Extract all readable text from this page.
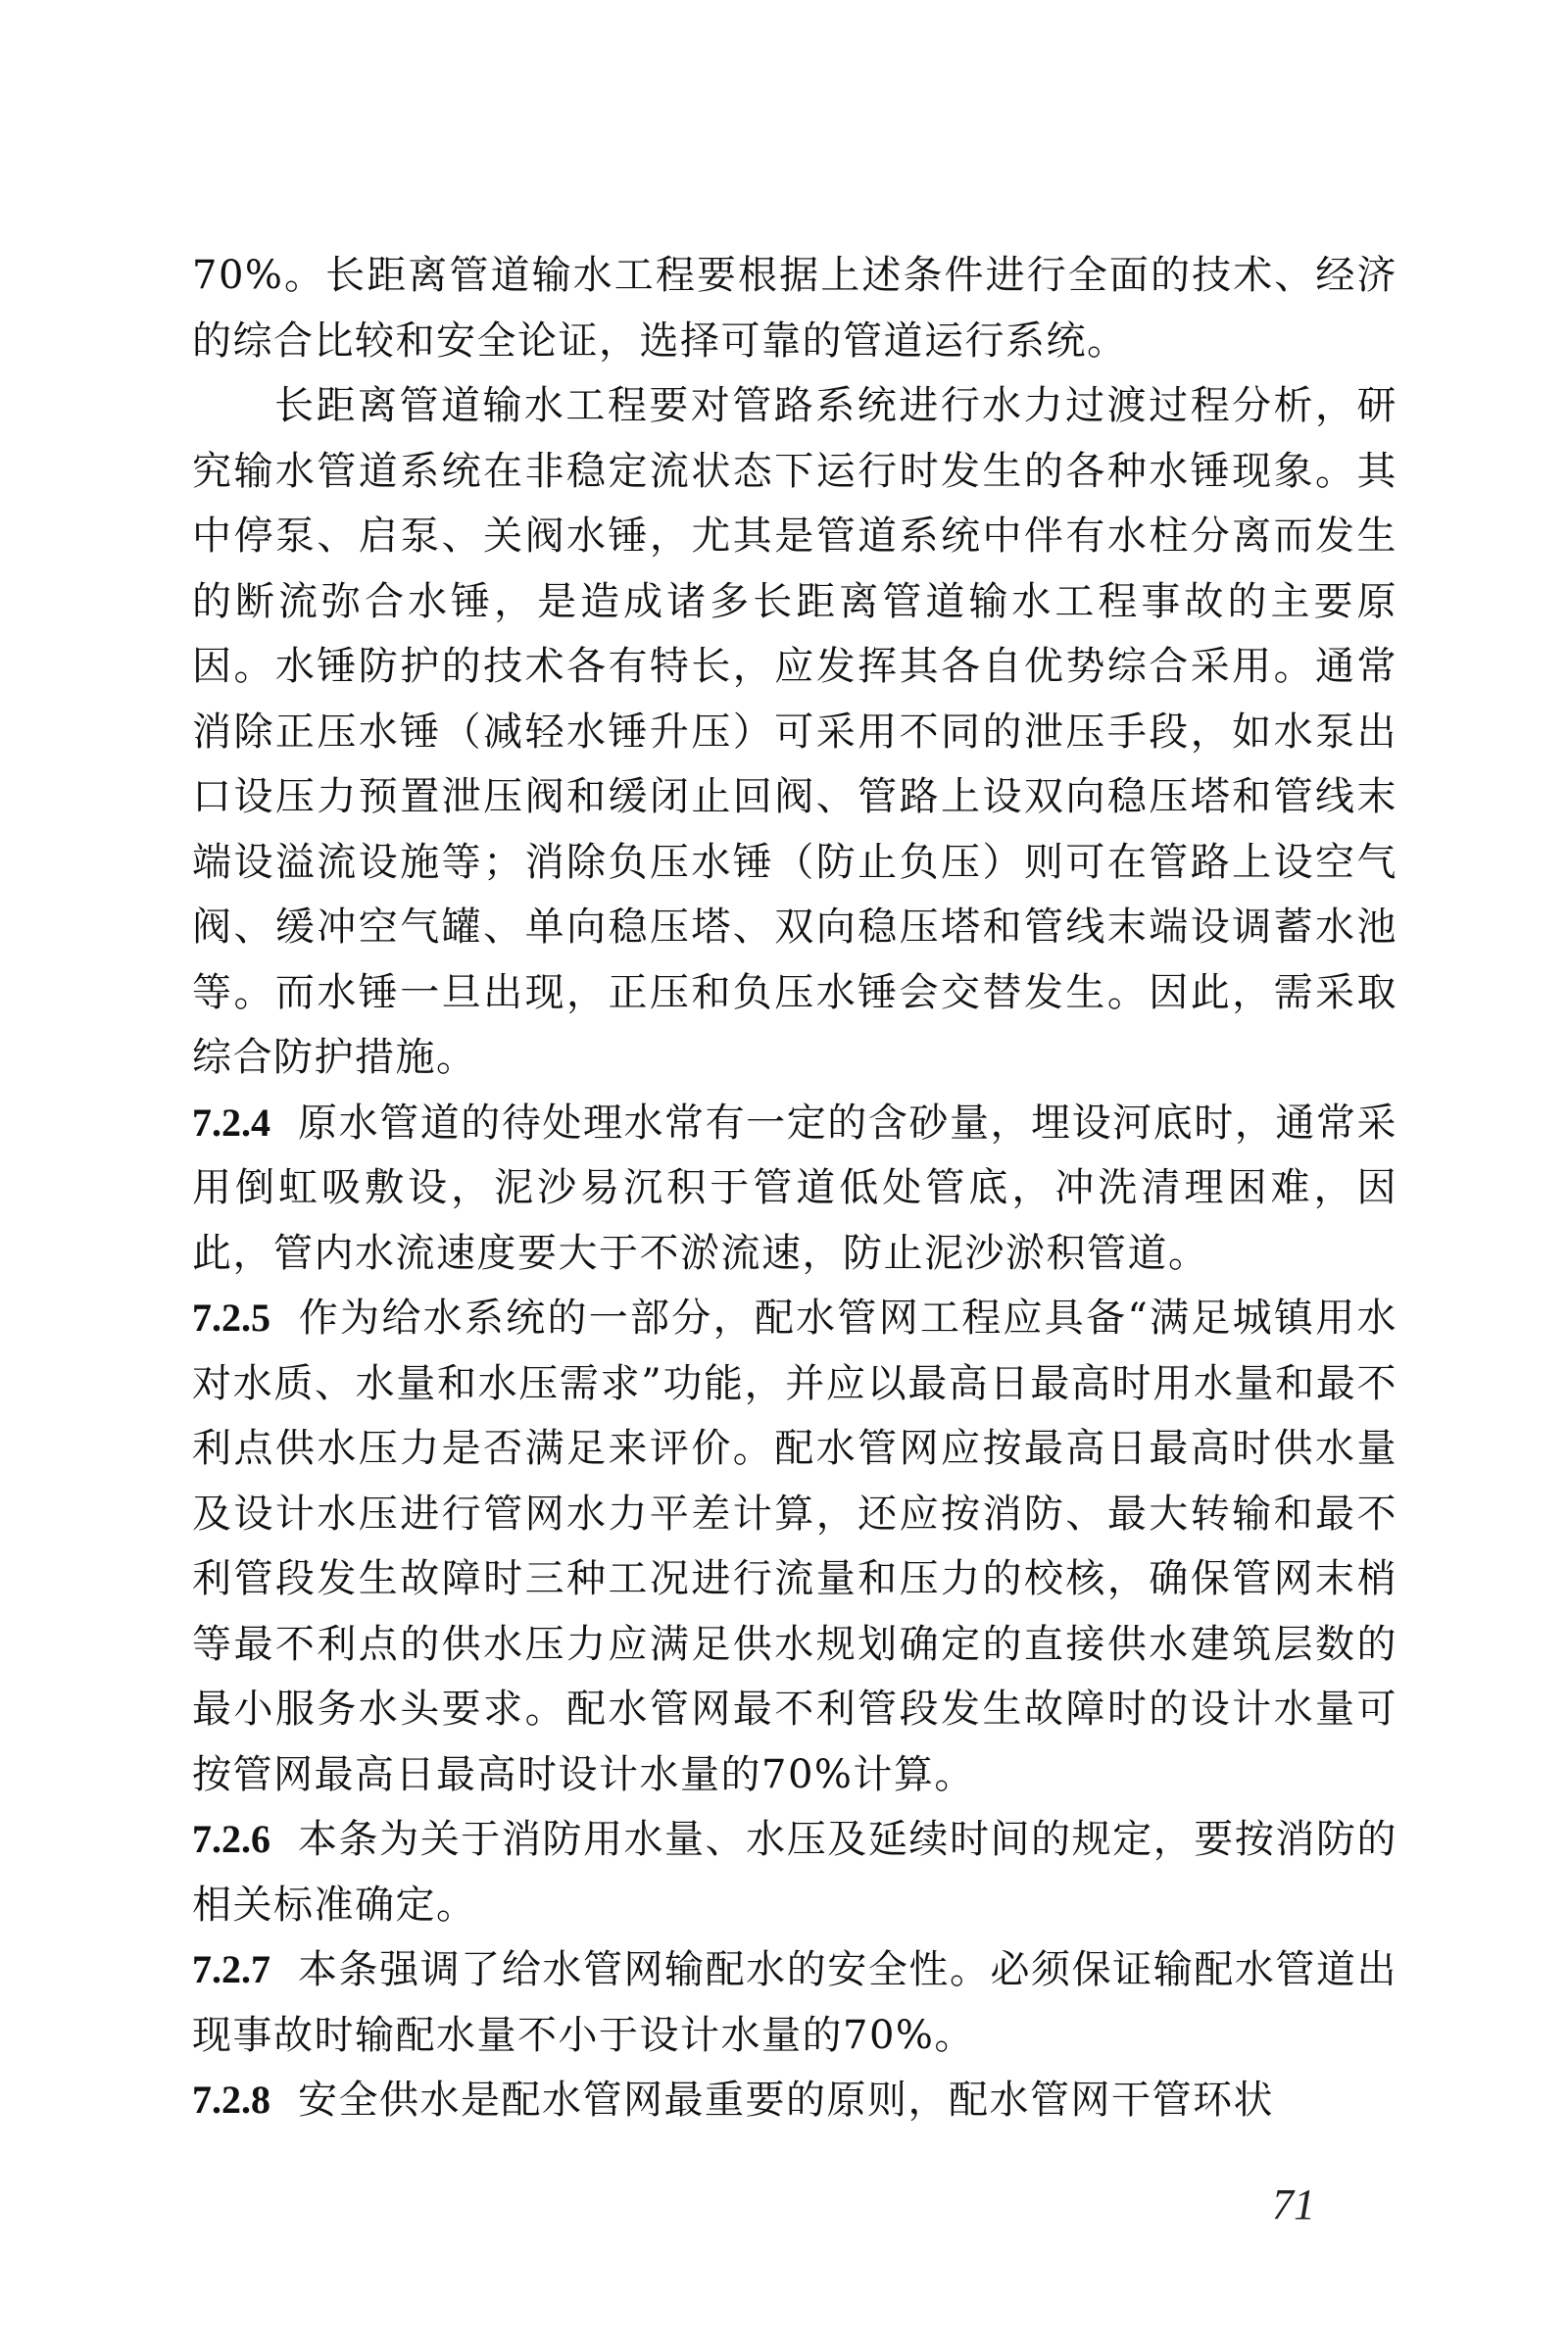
70%。长距离管道输水工程要根据上述条件进行全面的技术、经济的综合比较和安全论证，选择可靠的管道运行系统。

长距离管道输水工程要对管路系统进行水力过渡过程分析，研究输水管道系统在非稳定流状态下运行时发生的各种水锤现象。其中停泵、启泵、关阀水锤，尤其是管道系统中伴有水柱分离而发生的断流弥合水锤，是造成诸多长距离管道输水工程事故的主要原因。水锤防护的技术各有特长，应发挥其各自优势综合采用。通常消除正压水锤（减轻水锤升压）可采用不同的泄压手段，如水泵出口设压力预置泄压阀和缓闭止回阀、管路上设双向稳压塔和管线末端设溢流设施等；消除负压水锤（防止负压）则可在管路上设空气阀、缓冲空气罐、单向稳压塔、双向稳压塔和管线末端设调蓄水池等。而水锤一旦出现，正压和负压水锤会交替发生。因此，需采取综合防护措施。

7.2.4 原水管道的待处理水常有一定的含砂量，埋设河底时，通常采用倒虹吸敷设，泥沙易沉积于管道低处管底，冲洗清理困难，因此，管内水流速度要大于不淤流速，防止泥沙淤积管道。

7.2.5 作为给水系统的一部分，配水管网工程应具备“满足城镇用水对水质、水量和水压需求”功能，并应以最高日最高时用水量和最不利点供水压力是否满足来评价。配水管网应按最高日最高时供水量及设计水压进行管网水力平差计算，还应按消防、最大转输和最不利管段发生故障时三种工况进行流量和压力的校核，确保管网末梢等最不利点的供水压力应满足供水规划确定的直接供水建筑层数的最小服务水头要求。配水管网最不利管段发生故障时的设计水量可按管网最高日最高时设计水量的70%计算。

7.2.6 本条为关于消防用水量、水压及延续时间的规定，要按消防的相关标准确定。

7.2.7 本条强调了给水管网输配水的安全性。必须保证输配水管道出现事故时输配水量不小于设计水量的70%。

7.2.8 安全供水是配水管网最重要的原则，配水管网干管环状

71
